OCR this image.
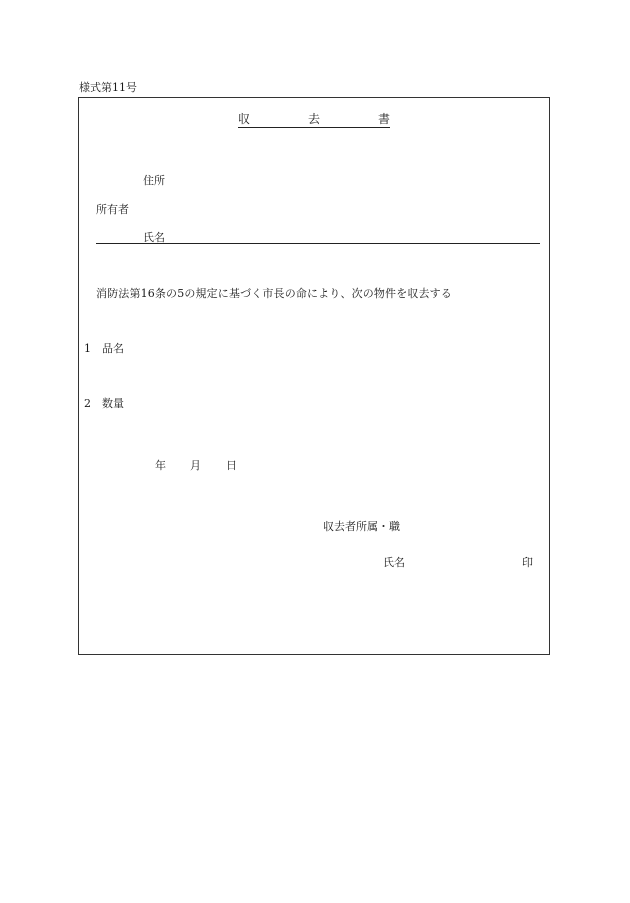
様式第11号
収	去	書
住所
所有者
氏名
消防法第16条の5の規定に基づく市長の命により、次の物件を収去する
1 品名
2 数量
年 月 日
収去者所属・職
氏名	印
